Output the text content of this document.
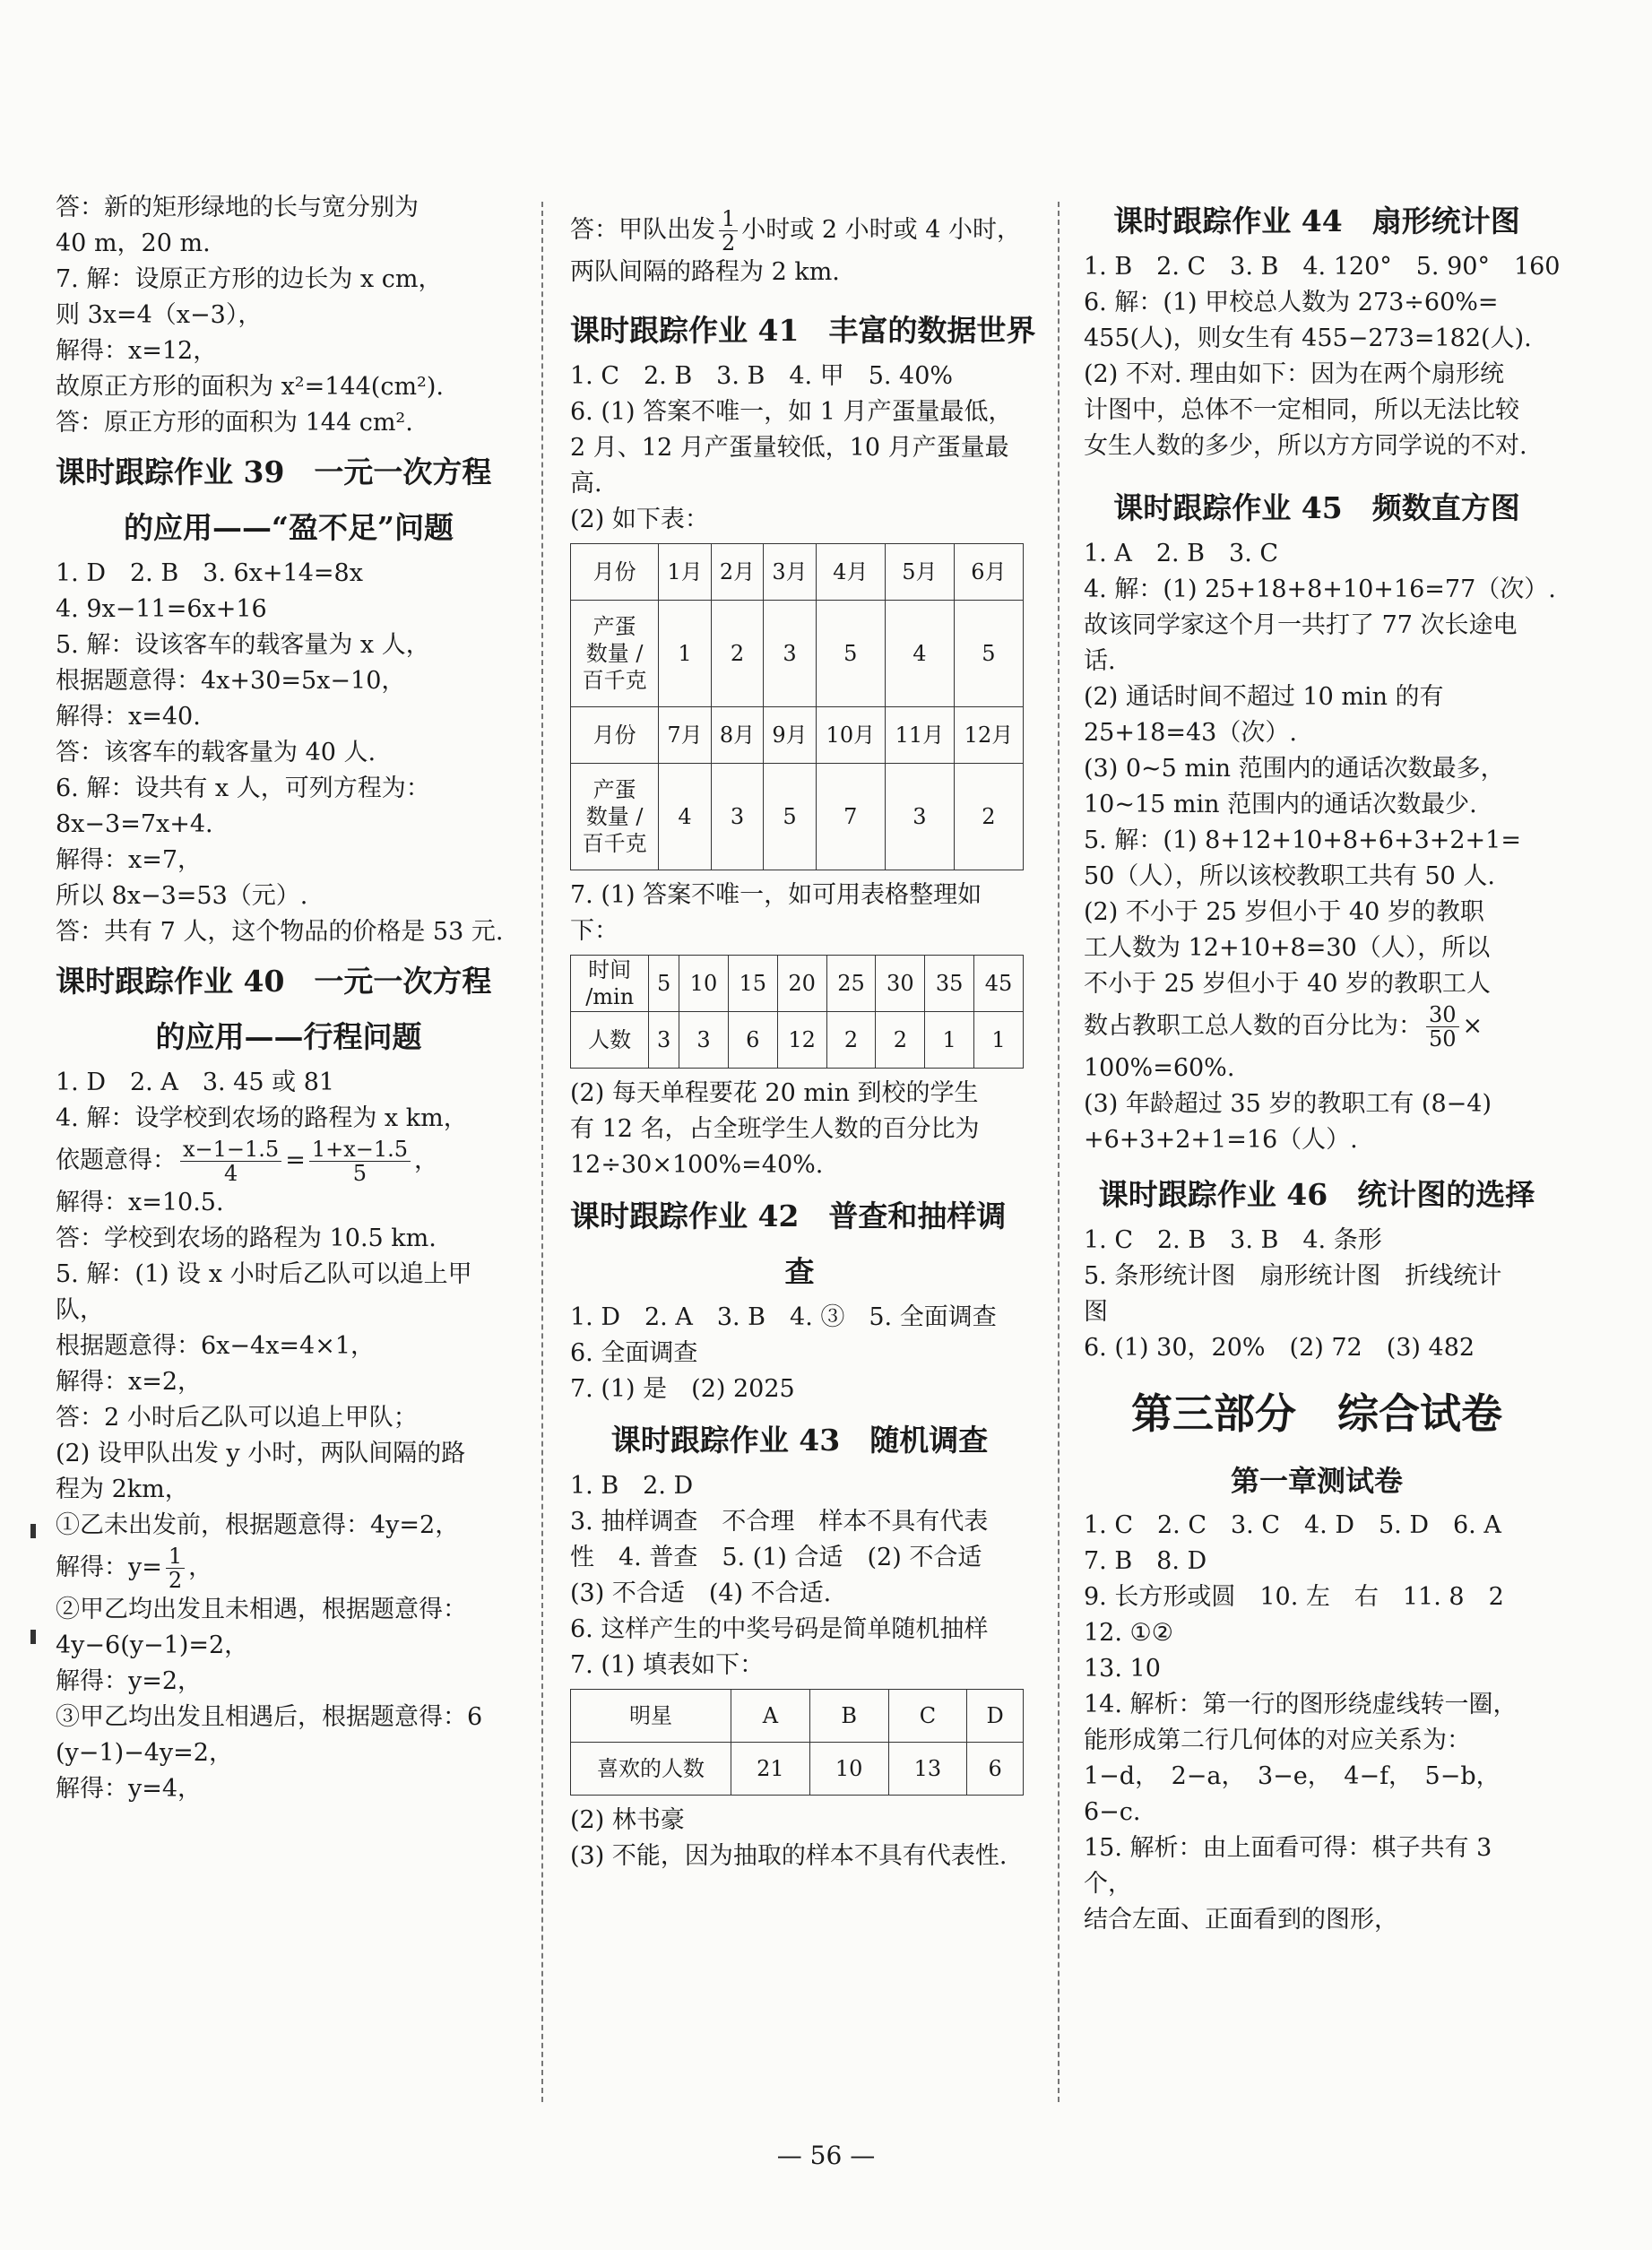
答：新的矩形绿地的长与宽分别为
40 m，20 m.
7. 解：设原正方形的边长为 x cm，
则 3x=4（x−3），
解得：x=12，
故原正方形的面积为 x²=144(cm²).
答：原正方形的面积为 144 cm².
课时跟踪作业 39　一元一次方程
的应用——“盈不足”问题
1. D　2. B　3. 6x+14=8x
4. 9x−11=6x+16
5. 解：设该客车的载客量为 x 人，
根据题意得：4x+30=5x−10，
解得：x=40.
答：该客车的载客量为 40 人.
6. 解：设共有 x 人，可列方程为：
8x−3=7x+4.
解得：x=7，
所以 8x−3=53（元）.
答：共有 7 人，这个物品的价格是 53 元.
课时跟踪作业 40　一元一次方程
的应用——行程问题
1. D　2. A　3. 45 或 81
4. 解：设学校到农场的路程为 x km，
依题意得： $\frac{x-1-1.5}{4} = \frac{1+x-1.5}{5}$ ，
解得：x=10.5.
答：学校到农场的路程为 10.5 km.
5. 解：(1) 设 x 小时后乙队可以追上甲
队，
根据题意得：6x−4x=4×1，
解得：x=2，
答：2 小时后乙队可以追上甲队；
(2) 设甲队出发 y 小时，两队间隔的路
程为 2km，
①乙未出发前，根据题意得：4y=2，
解得：$y= \frac{1}{2}$ ，
②甲乙均出发且未相遇，根据题意得：
4y−6(y−1)=2，
解得：y=2，
③甲乙均出发且相遇后，根据题意得：6
(y−1)−4y=2，
解得：y=4，
答：甲队出发 $\frac{1}{2}$ 小时或 2 小时或 4 小时，
两队间隔的路程为 2 km.
课时跟踪作业 41　丰富的数据世界
1. C　2. B　3. B　4. 甲　5. 40%
6. (1) 答案不唯一，如 1 月产蛋量最低，
2 月、12 月产蛋量较低，10 月产蛋量最
高.
(2) 如下表：
月份	1月	2月	3月	4月	5月	6月

产蛋
数量 /
百千克	1	2	3	5	4	5
月份	7月	8月	9月	10月	11月	12月

产蛋
数量 /
百千克	4	3	5	7	3	2
7. (1) 答案不唯一，如可用表格整理如
下：
时间
/min	5	10	15	20	25	30	35	45
人数	3	3	6	12	2	2	1	1
(2) 每天单程要花 20 min 到校的学生
有 12 名，占全班学生人数的百分比为
12÷30×100%=40%.
课时跟踪作业 42　普查和抽样调
查
1. D　2. A　3. B　4. ③　5. 全面调查
6. 全面调查
7. (1) 是　(2) 2025
课时跟踪作业 43　随机调查
1. B　2. D
3. 抽样调查　不合理　样本不具有代表
性　4. 普查　5. (1) 合适　(2) 不合适
(3) 不合适　(4) 不合适.
6. 这样产生的中奖号码是简单随机抽样
7. (1) 填表如下：
明星	A	B	C	D
喜欢的人数	21	10	13	6
(2) 林书豪
(3) 不能，因为抽取的样本不具有代表性.
课时跟踪作业 44　扇形统计图
1. B　2. C　3. B　4. 120°　5. 90°　160
6. 解：(1) 甲校总人数为 273÷60%=
455(人)，则女生有 455−273=182(人).
(2) 不对. 理由如下：因为在两个扇形统
计图中，总体不一定相同，所以无法比较
女生人数的多少，所以方方同学说的不对.
课时跟踪作业 45　频数直方图
1. A　2. B　3. C
4. 解：(1) 25+18+8+10+16=77（次）.
故该同学家这个月一共打了 77 次长途电
话.
(2) 通话时间不超过 10 min 的有
25+18=43（次）.
(3) 0~5 min 范围内的通话次数最多，
10~15 min 范围内的通话次数最少.
5. 解：(1) 8+12+10+8+6+3+2+1=
50（人），所以该校教职工共有 50 人.
(2) 不小于 25 岁但小于 40 岁的教职
工人数为 12+10+8=30（人），所以
不小于 25 岁但小于 40 岁的教职工人
数占教职工总人数的百分比为： $\frac{30}{50}$ ×
100%=60%.
(3) 年龄超过 35 岁的教职工有 (8−4)
+6+3+2+1=16（人）.
课时跟踪作业 46　统计图的选择
1. C　2. B　3. B　4. 条形
5. 条形统计图　扇形统计图　折线统计
图
6. (1) 30，20%　(2) 72　(3) 482
第三部分　综合试卷
第一章测试卷
1. C　2. C　3. C　4. D　5. D　6. A
7. B　8. D
9. 长方形或圆　10. 左　右　11. 8　2
12. ①②
13. 10
14. 解析：第一行的图形绕虚线转一圈，
能形成第二行几何体的对应关系为：
1−d，　2−a，　3−e，　4−f，　5−b，
6−c.
15. 解析：由上面看可得：棋子共有 3
个，
结合左面、正面看到的图形，
— 56 —
